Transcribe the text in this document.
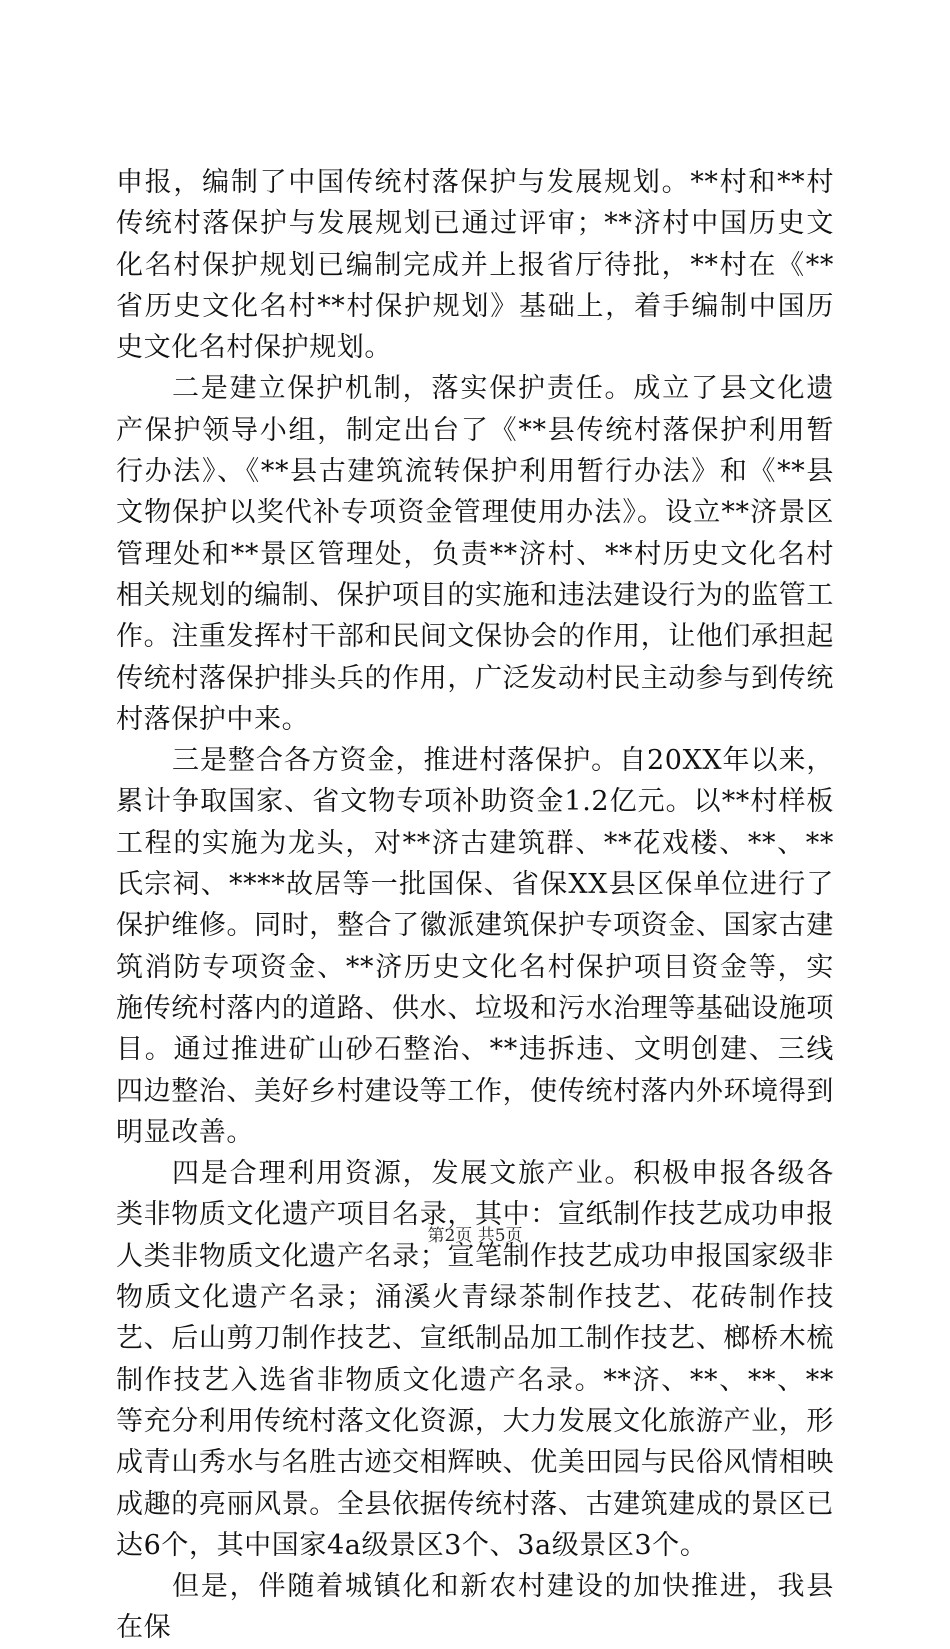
申报，编制了中国传统村落保护与发展规划。**村和**村传统村落保护与发展规划已通过评审；**济村中国历史文化名村保护规划已编制完成并上报省厅待批，**村在《**省历史文化名村**村保护规划》基础上，着手编制中国历史文化名村保护规划。

二是建立保护机制，落实保护责任。成立了县文化遗产保护领导小组，制定出台了《**县传统村落保护利用暂行办法》、《**县古建筑流转保护利用暂行办法》和《**县文物保护以奖代补专项资金管理使用办法》。设立**济景区管理处和**景区管理处，负责**济村、**村历史文化名村相关规划的编制、保护项目的实施和违法建设行为的监管工作。注重发挥村干部和民间文保协会的作用，让他们承担起传统村落保护排头兵的作用，广泛发动村民主动参与到传统村落保护中来。

三是整合各方资金，推进村落保护。自20XX年以来，累计争取国家、省文物专项补助资金1.2亿元。以**村样板工程的实施为龙头，对**济古建筑群、**花戏楼、**、**氏宗祠、****故居等一批国保、省保XX县区保单位进行了保护维修。同时，整合了徽派建筑保护专项资金、国家古建筑消防专项资金、**济历史文化名村保护项目资金等，实施传统村落内的道路、供水、垃圾和污水治理等基础设施项目。通过推进矿山砂石整治、**违拆违、文明创建、三线四边整治、美好乡村建设等工作，使传统村落内外环境得到明显改善。

四是合理利用资源，发展文旅产业。积极申报各级各类非物质文化遗产项目名录，其中：宣纸制作技艺成功申报人类非物质文化遗产名录；宣笔制作技艺成功申报国家级非物质文化遗产名录；涌溪火青绿茶制作技艺、花砖制作技艺、后山剪刀制作技艺、宣纸制品加工制作技艺、榔桥木梳制作技艺入选省非物质文化遗产名录。**济、**、**、**等充分利用传统村落文化资源，大力发展文化旅游产业，形成青山秀水与名胜古迹交相辉映、优美田园与民俗风情相映成趣的亮丽风景。全县依据传统村落、古建筑建成的景区已达6个，其中国家4a级景区3个、3a级景区3个。

但是，伴随着城镇化和新农村建设的加快推进，我县在保

第2页 共5页
